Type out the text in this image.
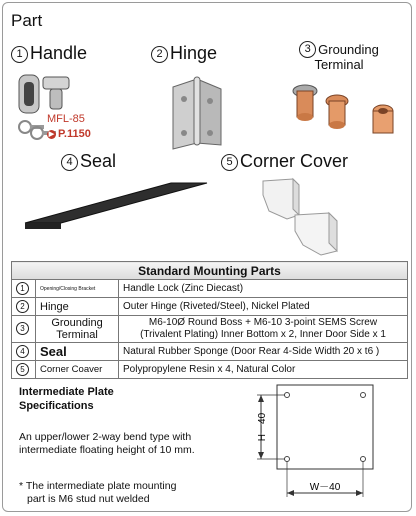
Part
1 Handle
MFL-85
▶ P.1150
2 Hinge	3 Grounding
Terminal
4 Seal	5 Corner Cover
Standard Mounting Parts		
1	Opening/Closing Bracket	Handle Lock (Zinc Diecast)
2	Hinge	Outer Hinge (Riveted/Steel), Nickel Plated
3	Grounding
Terminal	M6-10Ø Round Boss + M6-10 3-point SEMS Screw
(Trivalent Plating) Inner Bottom x 2, Inner Door Side x 1
4	Seal	Natural Rubber Sponge (Door Rear 4-Side Width 20 x t6 )
5	Corner Coaver	Polypropylene Resin x 4, Natural Color
Intermediate Plate
Specifications
An upper/lower 2-way bend type with
intermediate floating height of 10 mm.
* The intermediate plate mounting
part is M6 stud nut welded
H－40
W－40
